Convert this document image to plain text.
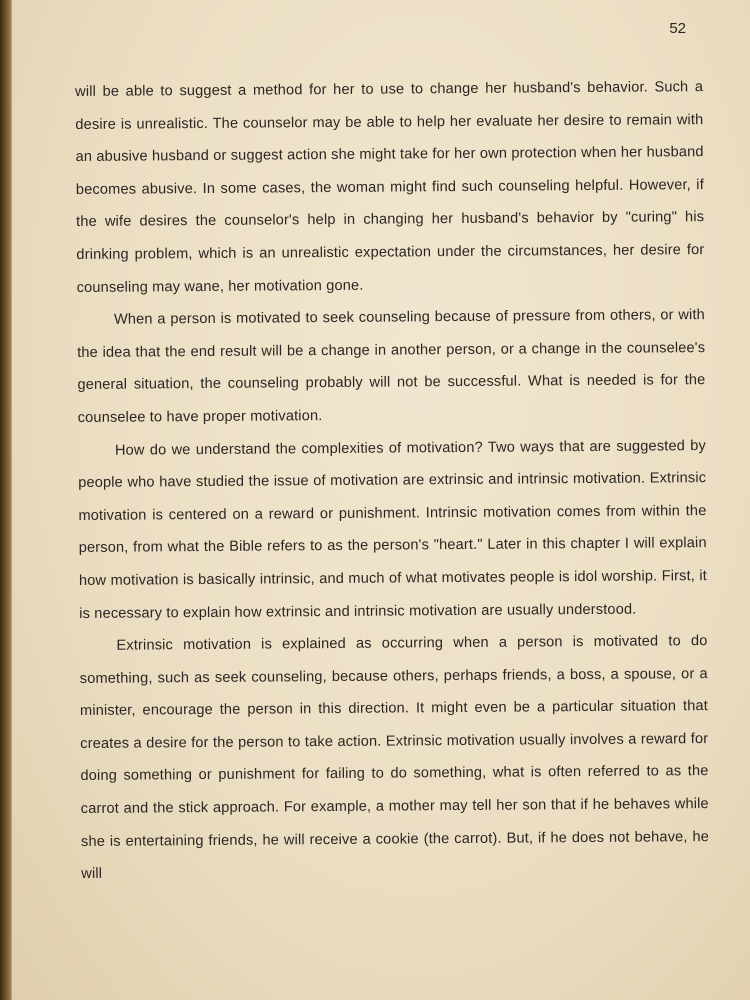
52

will be able to suggest a method for her to use to change her husband's behavior. Such a desire is unrealistic. The counselor may be able to help her evaluate her desire to remain with an abusive husband or suggest action she might take for her own protection when her husband becomes abusive. In some cases, the woman might find such counseling helpful. However, if the wife desires the counselor's help in changing her husband's behavior by "curing" his drinking problem, which is an unrealistic expectation under the circumstances, her desire for counseling may wane, her motivation gone.

When a person is motivated to seek counseling because of pressure from others, or with the idea that the end result will be a change in another person, or a change in the counselee's general situation, the counseling probably will not be successful. What is needed is for the counselee to have proper motivation.

How do we understand the complexities of motivation? Two ways that are suggested by people who have studied the issue of motivation are extrinsic and intrinsic motivation. Extrinsic motivation is centered on a reward or punishment. Intrinsic motivation comes from within the person, from what the Bible refers to as the person's "heart." Later in this chapter I will explain how motivation is basically intrinsic, and much of what motivates people is idol worship. First, it is necessary to explain how extrinsic and intrinsic motivation are usually understood.

Extrinsic motivation is explained as occurring when a person is motivated to do something, such as seek counseling, because others, perhaps friends, a boss, a spouse, or a minister, encourage the person in this direction. It might even be a particular situation that creates a desire for the person to take action. Extrinsic motivation usually involves a reward for doing something or punishment for failing to do something, what is often referred to as the carrot and the stick approach. For example, a mother may tell her son that if he behaves while she is entertaining friends, he will receive a cookie (the carrot). But, if he does not behave, he will
